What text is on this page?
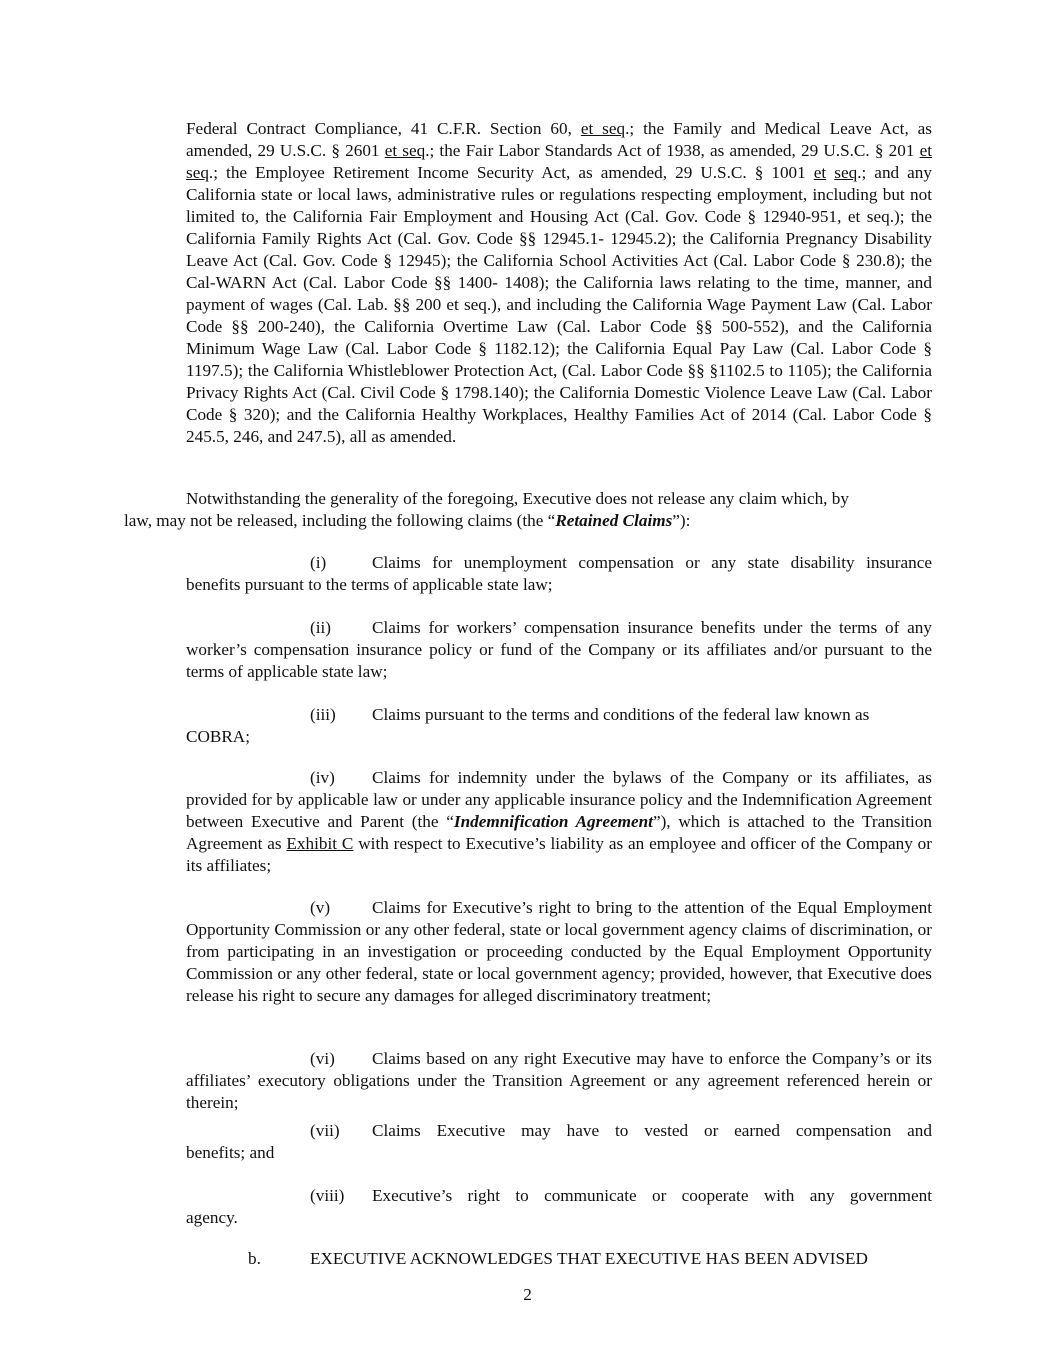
Federal Contract Compliance, 41 C.F.R. Section 60, et seq.; the Family and Medical Leave Act, as amended, 29 U.S.C. § 2601 et seq.; the Fair Labor Standards Act of 1938, as amended, 29 U.S.C. § 201 et seq.; the Employee Retirement Income Security Act, as amended, 29 U.S.C. § 1001 et seq.; and any California state or local laws, administrative rules or regulations respecting employment, including but not limited to, the California Fair Employment and Housing Act (Cal. Gov. Code § 12940-951, et seq.); the California Family Rights Act (Cal. Gov. Code §§ 12945.1- 12945.2); the California Pregnancy Disability Leave Act (Cal. Gov. Code § 12945); the California School Activities Act (Cal. Labor Code § 230.8); the Cal-WARN Act (Cal. Labor Code §§ 1400- 1408); the California laws relating to the time, manner, and payment of wages (Cal. Lab. §§ 200 et seq.), and including the California Wage Payment Law (Cal. Labor Code §§ 200-240), the California Overtime Law (Cal. Labor Code §§ 500-552), and the California Minimum Wage Law (Cal. Labor Code § 1182.12); the California Equal Pay Law (Cal. Labor Code § 1197.5); the California Whistleblower Protection Act, (Cal. Labor Code §§ §1102.5 to 1105); the California Privacy Rights Act (Cal. Civil Code § 1798.140); the California Domestic Violence Leave Law (Cal. Labor Code § 320); and the California Healthy Workplaces, Healthy Families Act of 2014 (Cal. Labor Code § 245.5, 246, and 247.5), all as amended.

Notwithstanding the generality of the foregoing, Executive does not release any claim which, by
law, may not be released, including the following claims (the “Retained Claims”):
(i)	Claims for unemployment compensation or any state disability insurance
benefits pursuant to the terms of applicable state law;

(ii) Claims for workers’ compensation insurance benefits under the terms of any worker’s compensation insurance policy or fund of the Company or its affiliates and/or pursuant to the terms of applicable state law;

(iii) Claims pursuant to the terms and conditions of the federal law known as
COBRA;

(iv) Claims for indemnity under the bylaws of the Company or its affiliates, as provided for by applicable law or under any applicable insurance policy and the Indemnification Agreement between Executive and Parent (the “Indemnification Agreement”), which is attached to the Transition Agreement as Exhibit C with respect to Executive’s liability as an employee and officer of the Company or its affiliates;

(v) Claims for Executive’s right to bring to the attention of the Equal Employment Opportunity Commission or any other federal, state or local government agency claims of discrimination, or from participating in an investigation or proceeding conducted by the Equal Employment Opportunity Commission or any other federal, state or local government agency; provided, however, that Executive does release his right to secure any damages for alleged discriminatory treatment;

(vi) Claims based on any right Executive may have to enforce the Company’s or its affiliates’ executory obligations under the Transition Agreement or any agreement referenced herein or therein;

(vii) Claims Executive may have to vested or earned compensation and
benefits; and
(viii) Executive’s right to communicate or cooperate with any government
agency.
b.	EXECUTIVE ACKNOWLEDGES THAT EXECUTIVE HAS BEEN ADVISED
2
